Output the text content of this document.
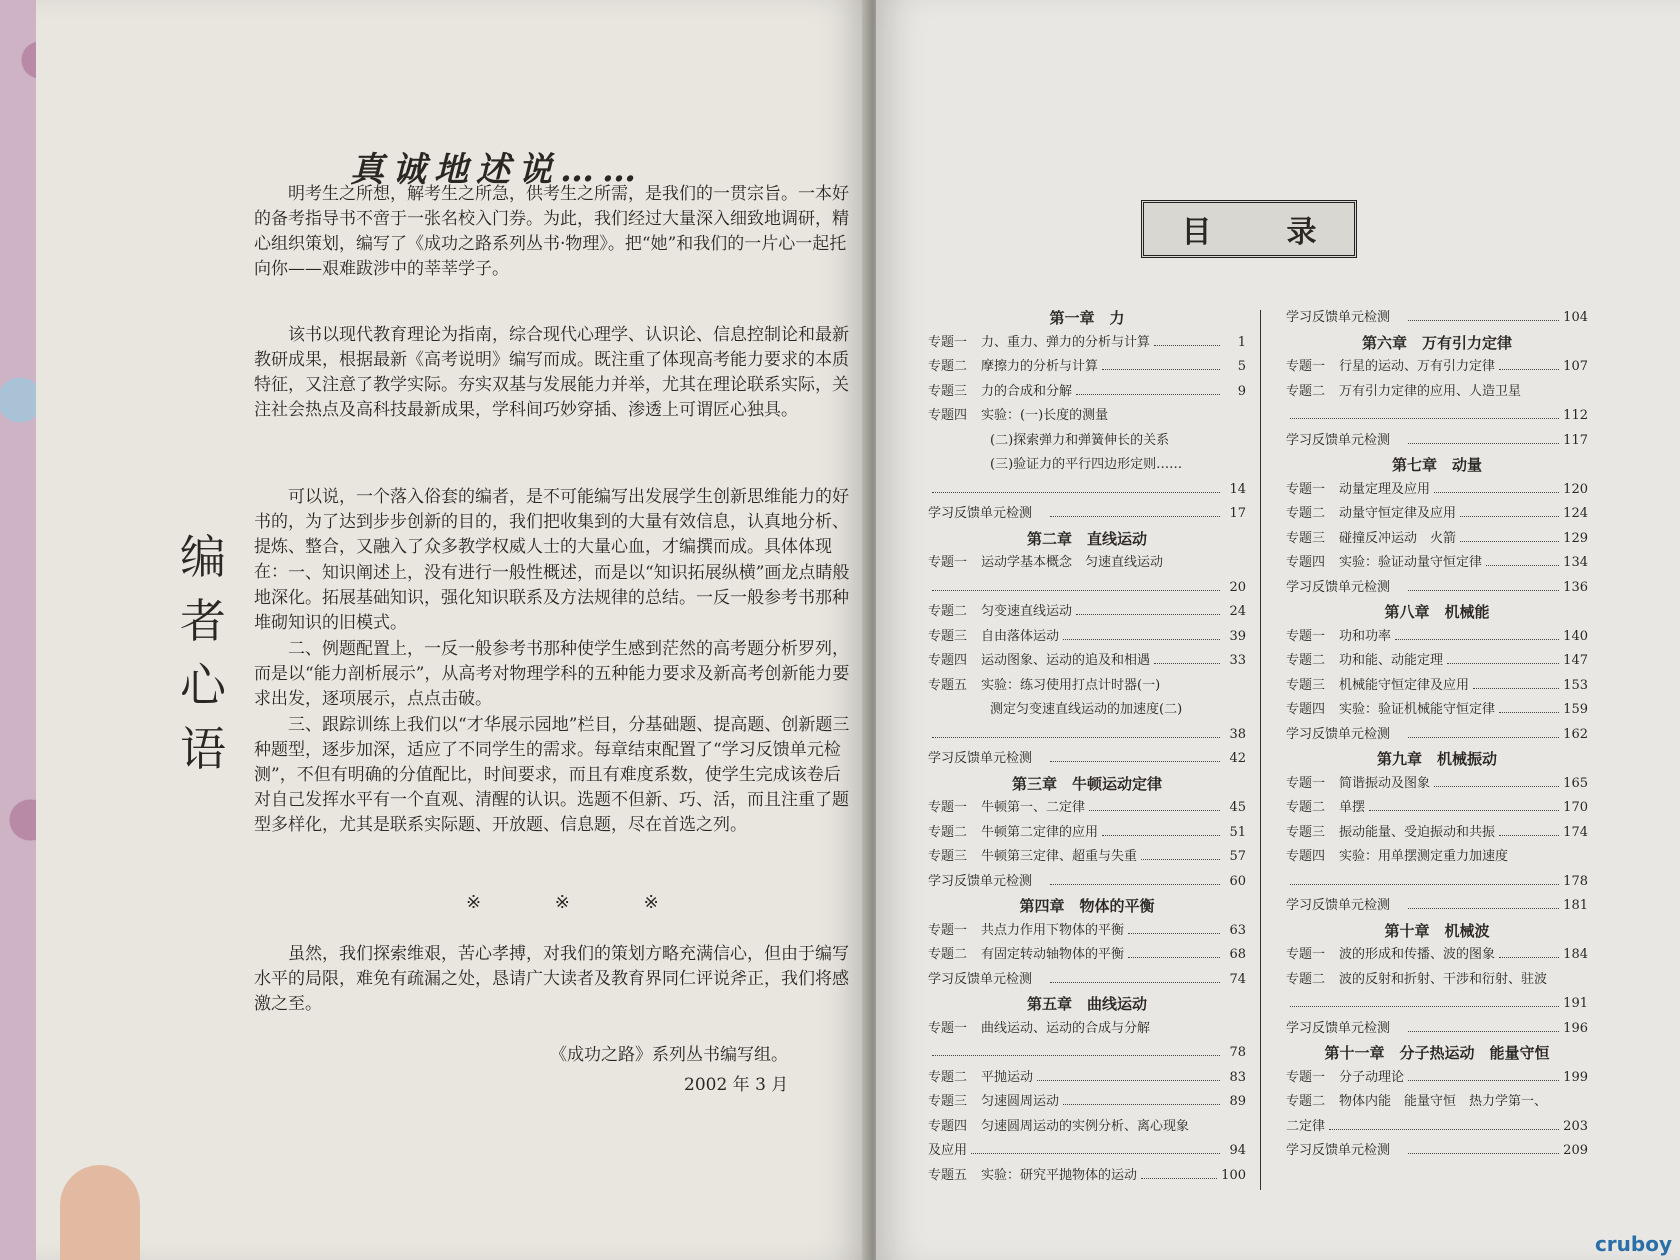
真诚地述说……
编者心语

明考生之所想，解考生之所急，供考生之所需，是我们的一贯宗旨。一本好的备考指导书不啻于一张名校入门券。为此，我们经过大量深入细致地调研，精心组织策划，编写了《成功之路系列丛书·物理》。把“她”和我们的一片心一起托向你——艰难跋涉中的莘莘学子。

该书以现代教育理论为指南，综合现代心理学、认识论、信息控制论和最新教研成果，根据最新《高考说明》编写而成。既注重了体现高考能力要求的本质特征，又注意了教学实际。夯实双基与发展能力并举，尤其在理论联系实际，关注社会热点及高科技最新成果，学科间巧妙穿插、渗透上可谓匠心独具。

可以说，一个落入俗套的编者，是不可能编写出发展学生创新思维能力的好书的，为了达到步步创新的目的，我们把收集到的大量有效信息，认真地分析、提炼、整合，又融入了众多教学权威人士的大量心血，才编撰而成。具体体现在： 一、知识阐述上，没有进行一般性概述，而是以“知识拓展纵横”画龙点睛般地深化。拓展基础知识，强化知识联系及方法规律的总结。一反一般参考书那种堆砌知识的旧模式。

二、例题配置上，一反一般参考书那种使学生感到茫然的高考题分析罗列，而是以“能力剖析展示”，从高考对物理学科的五种能力要求及新高考创新能力要求出发，逐项展示，点点击破。

三、跟踪训练上我们以“才华展示园地”栏目，分基础题、提高题、创新题三种题型，逐步加深，适应了不同学生的需求。每章结束配置了“学习反馈单元检测”，不但有明确的分值配比，时间要求，而且有难度系数，使学生完成该卷后对自己发挥水平有一个直观、清醒的认识。选题不但新、巧、活，而且注重了题型多样化，尤其是联系实际题、开放题、信息题，尽在首选之列。

虽然，我们探索维艰，苦心孝搏，对我们的策划方略充满信心，但由于编写水平的局限，难免有疏漏之处，恳请广大读者及教育界同仁评说斧正，我们将感激之至。

※ ※ ※
《成功之路》系列丛书编写组。
2002 年 3 月
目	录
第一章　力
专题一 力、重力、弹力的分析与计算	1
专题二 摩擦力的分析与计算	5
专题三 力的合成和分解	9
专题四 实验：(一)长度的测量
(二)探索弹力和弹簧伸长的关系
(三)验证力的平行四边形定则……
14
学习反馈单元检测	17
第二章　直线运动
专题一 运动学基本概念　匀速直线运动
20
专题二 匀变速直线运动	24
专题三 自由落体运动	39
专题四 运动图象、运动的追及和相遇	33
专题五 实验：练习使用打点计时器(一)
测定匀变速直线运动的加速度(二)
38
学习反馈单元检测	42
第三章　牛顿运动定律
专题一 牛顿第一、二定律	45
专题二 牛顿第二定律的应用	51
专题三 牛顿第三定律、超重与失重	57
学习反馈单元检测	60
第四章　物体的平衡
专题一 共点力作用下物体的平衡	63
专题二 有固定转动轴物体的平衡	68
学习反馈单元检测	74
第五章　曲线运动
专题一 曲线运动、运动的合成与分解
78
专题二 平抛运动	83
专题三 匀速圆周运动	89
专题四 匀速圆周运动的实例分析、离心现象
及应用	94
专题五 实验：研究平抛物体的运动	100
学习反馈单元检测	104
第六章　万有引力定律
专题一 行星的运动、万有引力定律	107
专题二 万有引力定律的应用、人造卫星
112
学习反馈单元检测	117
第七章　动量
专题一 动量定理及应用	120
专题二 动量守恒定律及应用	124
专题三 碰撞反冲运动　火箭	129
专题四 实验：验证动量守恒定律	134
学习反馈单元检测	136
第八章　机械能
专题一 功和功率	140
专题二 功和能、动能定理	147
专题三 机械能守恒定律及应用	153
专题四 实验：验证机械能守恒定律	159
学习反馈单元检测	162
第九章　机械振动
专题一 简谐振动及图象	165
专题二 单摆	170
专题三 振动能量、受迫振动和共振	174
专题四 实验：用单摆测定重力加速度
178
学习反馈单元检测	181
第十章　机械波
专题一 波的形成和传播、波的图象	184
专题二 波的反射和折射、干涉和衍射、驻波
191
学习反馈单元检测	196
第十一章　分子热运动　能量守恒
专题一 分子动理论	199
专题二 物体内能　能量守恒　热力学第一、
二定律	203
学习反馈单元检测	209
cruboy
